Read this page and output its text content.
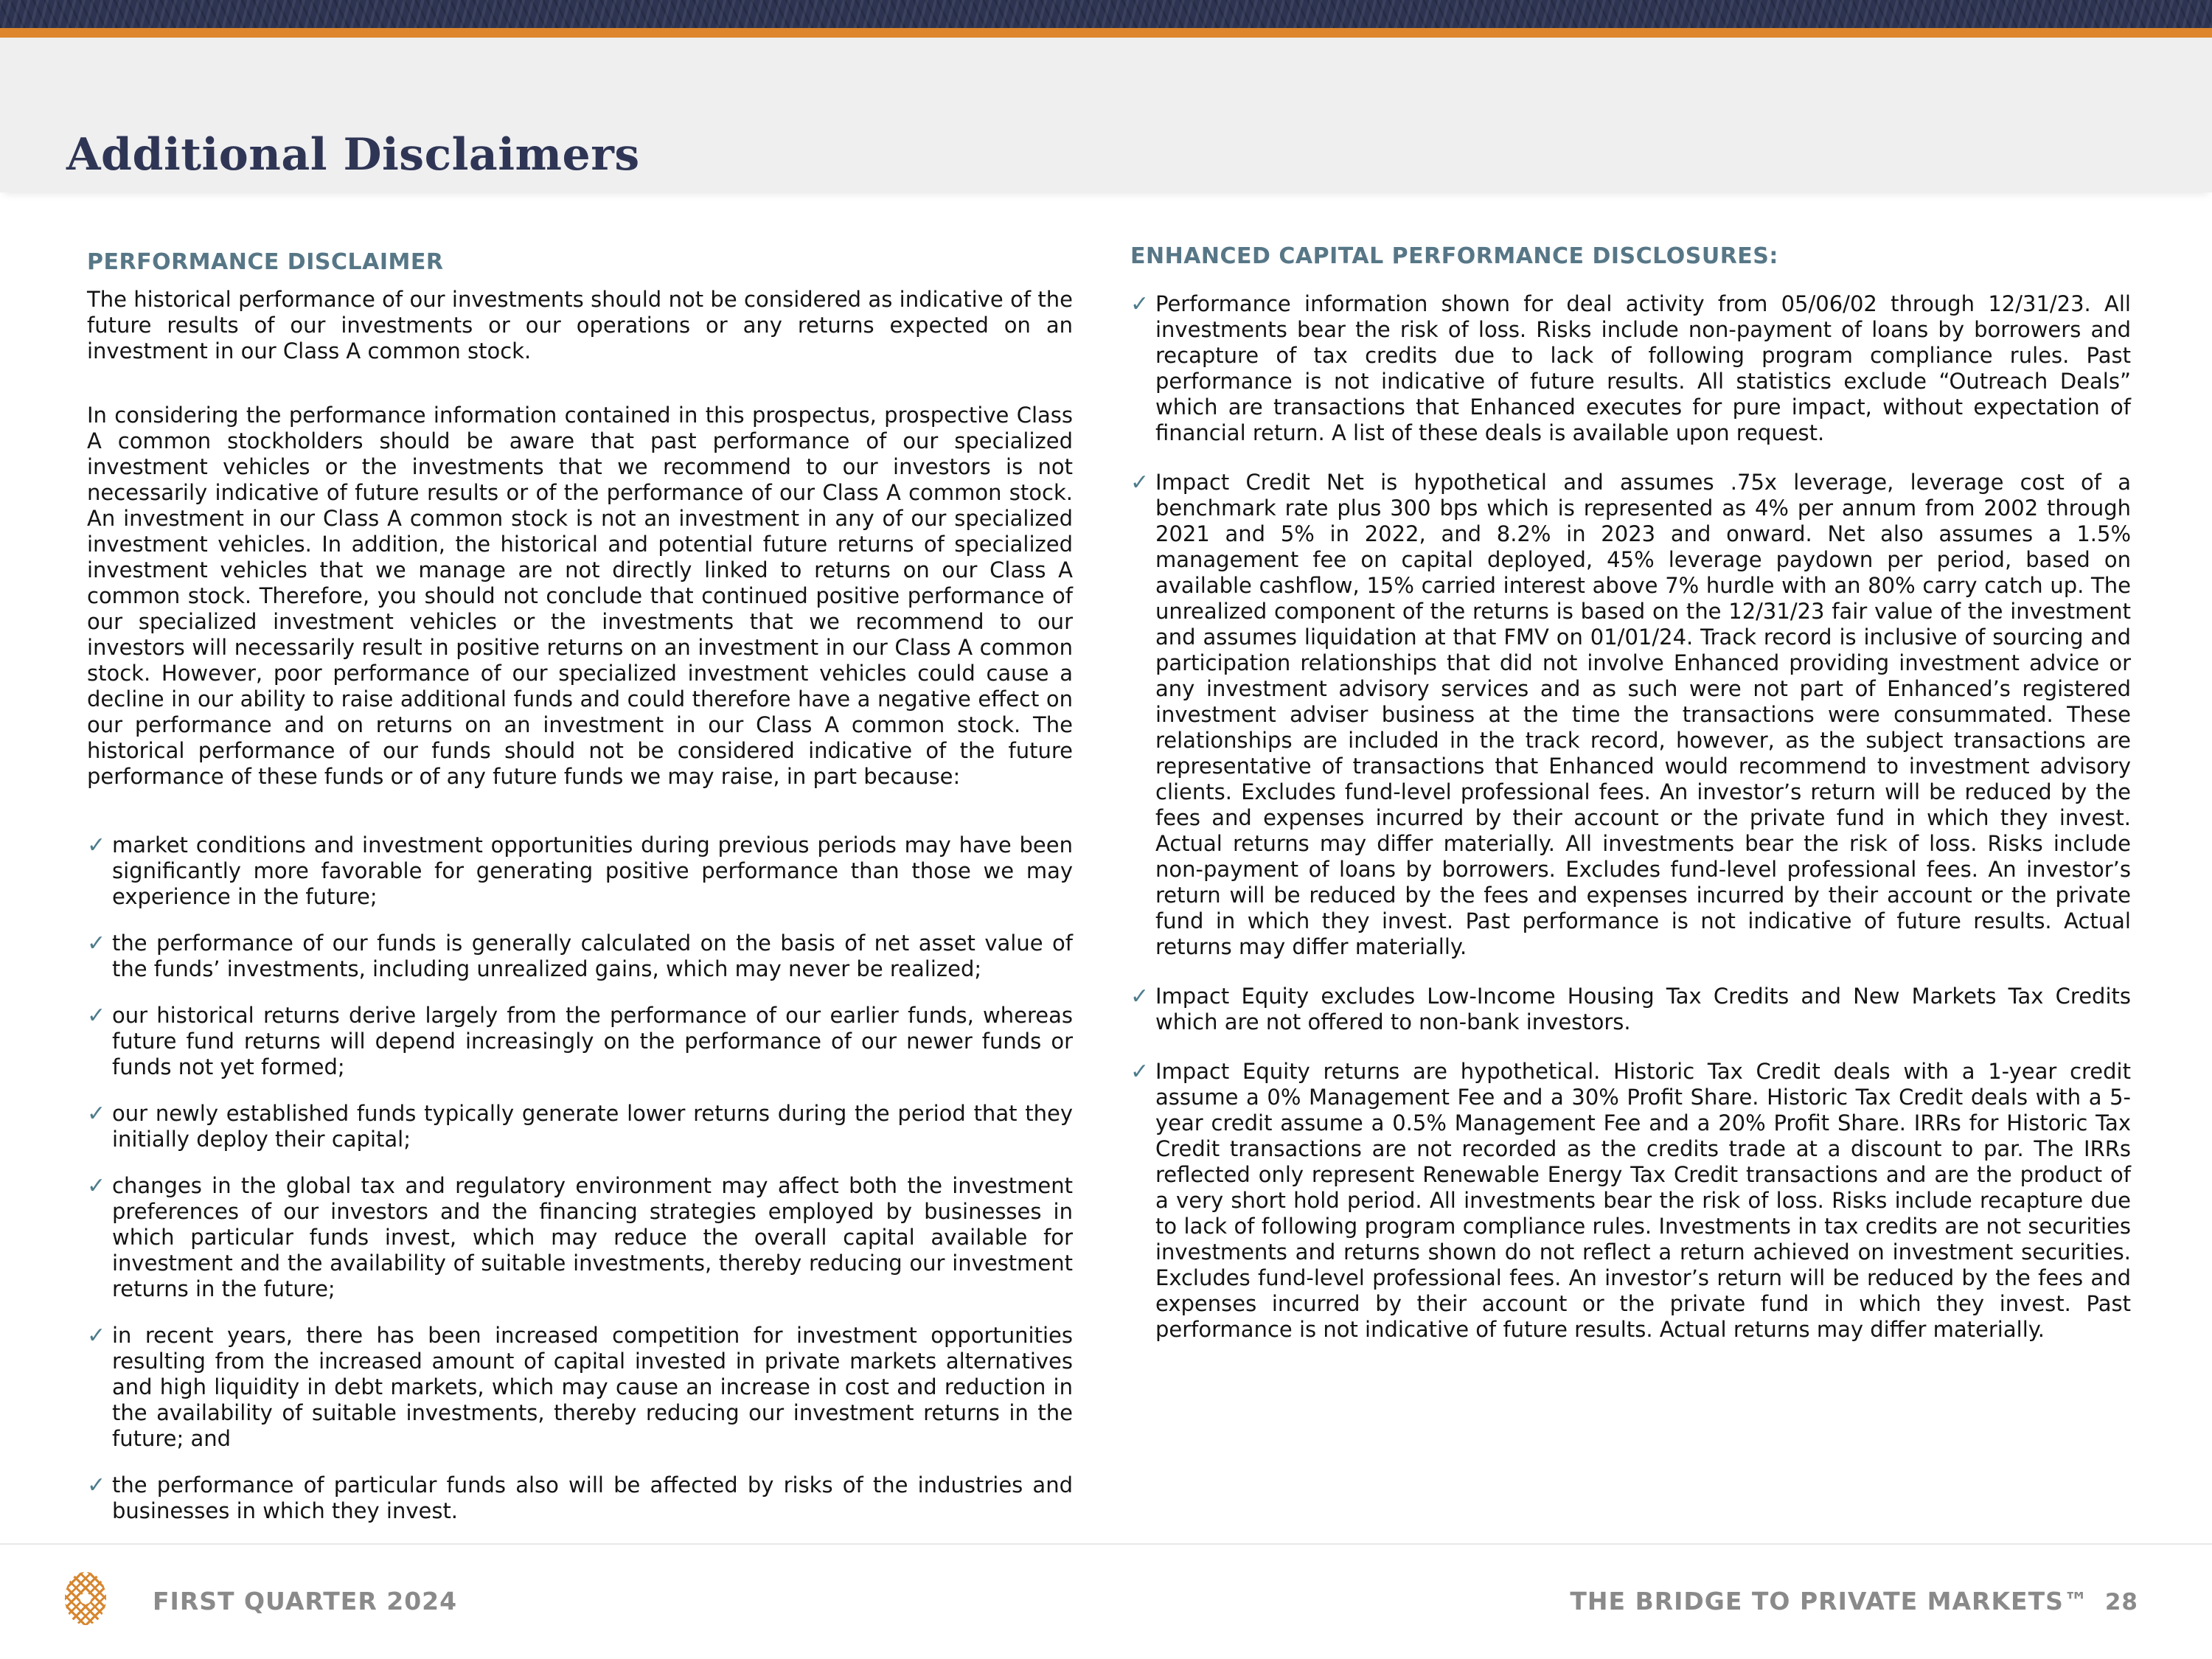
Additional Disclaimers
PERFORMANCE DISCLAIMER
The historical performance of our investments should not be considered as indicative of the future results of our investments or our operations or any returns expected on an investment in our Class A common stock.
In considering the performance information contained in this prospectus, prospective Class A common stockholders should be aware that past performance of our specialized investment vehicles or the investments that we recommend to our investors is not necessarily indicative of future results or of the performance of our Class A common stock. An investment in our Class A common stock is not an investment in any of our specialized investment vehicles. In addition, the historical and potential future returns of specialized investment vehicles that we manage are not directly linked to returns on our Class A common stock. Therefore, you should not conclude that continued positive performance of our specialized investment vehicles or the investments that we recommend to our investors will necessarily result in positive returns on an investment in our Class A common stock. However, poor performance of our specialized investment vehicles could cause a decline in our ability to raise additional funds and could therefore have a negative effect on our performance and on returns on an investment in our Class A common stock. The historical performance of our funds should not be considered indicative of the future performance of these funds or of any future funds we may raise, in part because:
✓ market conditions and investment opportunities during previous periods may have been significantly more favorable for generating positive performance than those we may experience in the future;
✓ the performance of our funds is generally calculated on the basis of net asset value of the funds’ investments, including unrealized gains, which may never be realized;
✓ our historical returns derive largely from the performance of our earlier funds, whereas future fund returns will depend increasingly on the performance of our newer funds or funds not yet formed;
✓ our newly established funds typically generate lower returns during the period that they initially deploy their capital;
✓ changes in the global tax and regulatory environment may affect both the investment preferences of our investors and the financing strategies employed by businesses in which particular funds invest, which may reduce the overall capital available for investment and the availability of suitable investments, thereby reducing our investment returns in the future;
✓ in recent years, there has been increased competition for investment opportunities resulting from the increased amount of capital invested in private markets alternatives and high liquidity in debt markets, which may cause an increase in cost and reduction in the availability of suitable investments, thereby reducing our investment returns in the future; and
✓ the performance of particular funds also will be affected by risks of the industries and businesses in which they invest.
ENHANCED CAPITAL PERFORMANCE DISCLOSURES:
✓ Performance information shown for deal activity from 05/06/02 through 12/31/23. All investments bear the risk of loss. Risks include non-payment of loans by borrowers and recapture of tax credits due to lack of following program compliance rules. Past performance is not indicative of future results. All statistics exclude “Outreach Deals” which are transactions that Enhanced executes for pure impact, without expectation of financial return. A list of these deals is available upon request.
✓ Impact Credit Net is hypothetical and assumes .75x leverage, leverage cost of a benchmark rate plus 300 bps which is represented as 4% per annum from 2002 through 2021 and 5% in 2022, and 8.2% in 2023 and onward. Net also assumes a 1.5% management fee on capital deployed, 45% leverage paydown per period, based on available cashflow, 15% carried interest above 7% hurdle with an 80% carry catch up. The unrealized component of the returns is based on the 12/31/23 fair value of the investment and assumes liquidation at that FMV on 01/01/24. Track record is inclusive of sourcing and participation relationships that did not involve Enhanced providing investment advice or any investment advisory services and as such were not part of Enhanced’s registered investment adviser business at the time the transactions were consummated. These relationships are included in the track record, however, as the subject transactions are representative of transactions that Enhanced would recommend to investment advisory clients. Excludes fund-level professional fees. An investor’s return will be reduced by the fees and expenses incurred by their account or the private fund in which they invest. Actual returns may differ materially. All investments bear the risk of loss. Risks include non-payment of loans by borrowers. Excludes fund-level professional fees. An investor’s return will be reduced by the fees and expenses incurred by their account or the private fund in which they invest. Past performance is not indicative of future results. Actual returns may differ materially.
✓ Impact Equity excludes Low-Income Housing Tax Credits and New Markets Tax Credits which are not offered to non-bank investors.
✓ Impact Equity returns are hypothetical. Historic Tax Credit deals with a 1-year credit assume a 0% Management Fee and a 30% Profit Share. Historic Tax Credit deals with a 5-year credit assume a 0.5% Management Fee and a 20% Profit Share. IRRs for Historic Tax Credit transactions are not recorded as the credits trade at a discount to par. The IRRs reflected only represent Renewable Energy Tax Credit transactions and are the product of a very short hold period. All investments bear the risk of loss. Risks include recapture due to lack of following program compliance rules. Investments in tax credits are not securities investments and returns shown do not reflect a return achieved on investment securities. Excludes fund-level professional fees. An investor’s return will be reduced by the fees and expenses incurred by their account or the private fund in which they invest. Past performance is not indicative of future results. Actual returns may differ materially.
FIRST QUARTER 2024	THE BRIDGE TO PRIVATE MARKETS™ 28
